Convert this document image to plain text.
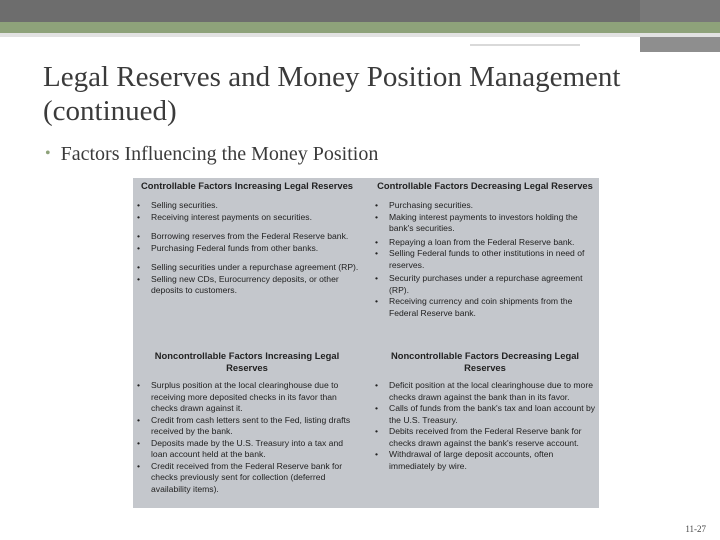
Legal Reserves and Money Position Management (continued)
• Factors Influencing the Money Position
Controllable Factors Increasing Legal Reserves
• Selling securities.
• Receiving interest payments on securities.
• Borrowing reserves from the Federal Reserve bank.
• Purchasing Federal funds from other banks.
• Selling securities under a repurchase agreement (RP).
• Selling new CDs, Eurocurrency deposits, or other deposits to customers.
Controllable Factors Decreasing Legal Reserves
• Purchasing securities.
• Making interest payments to investors holding the bank's securities.
• Repaying a loan from the Federal Reserve bank.
• Selling Federal funds to other institutions in need of reserves.
• Security purchases under a repurchase agreement (RP).
• Receiving currency and coin shipments from the Federal Reserve bank.
Noncontrollable Factors Increasing Legal Reserves
• Surplus position at the local clearinghouse due to receiving more deposited checks in its favor than checks drawn against it.
• Credit from cash letters sent to the Fed, listing drafts received by the bank.
• Deposits made by the U.S. Treasury into a tax and loan account held at the bank.
• Credit received from the Federal Reserve bank for checks previously sent for collection (deferred availability items).
Noncontrollable Factors Decreasing Legal Reserves
• Deficit position at the local clearinghouse due to more checks drawn against the bank than in its favor.
• Calls of funds from the bank's tax and loan account by the U.S. Treasury.
• Debits received from the Federal Reserve bank for checks drawn against the bank's reserve account.
• Withdrawal of large deposit accounts, often immediately by wire.
11-27
